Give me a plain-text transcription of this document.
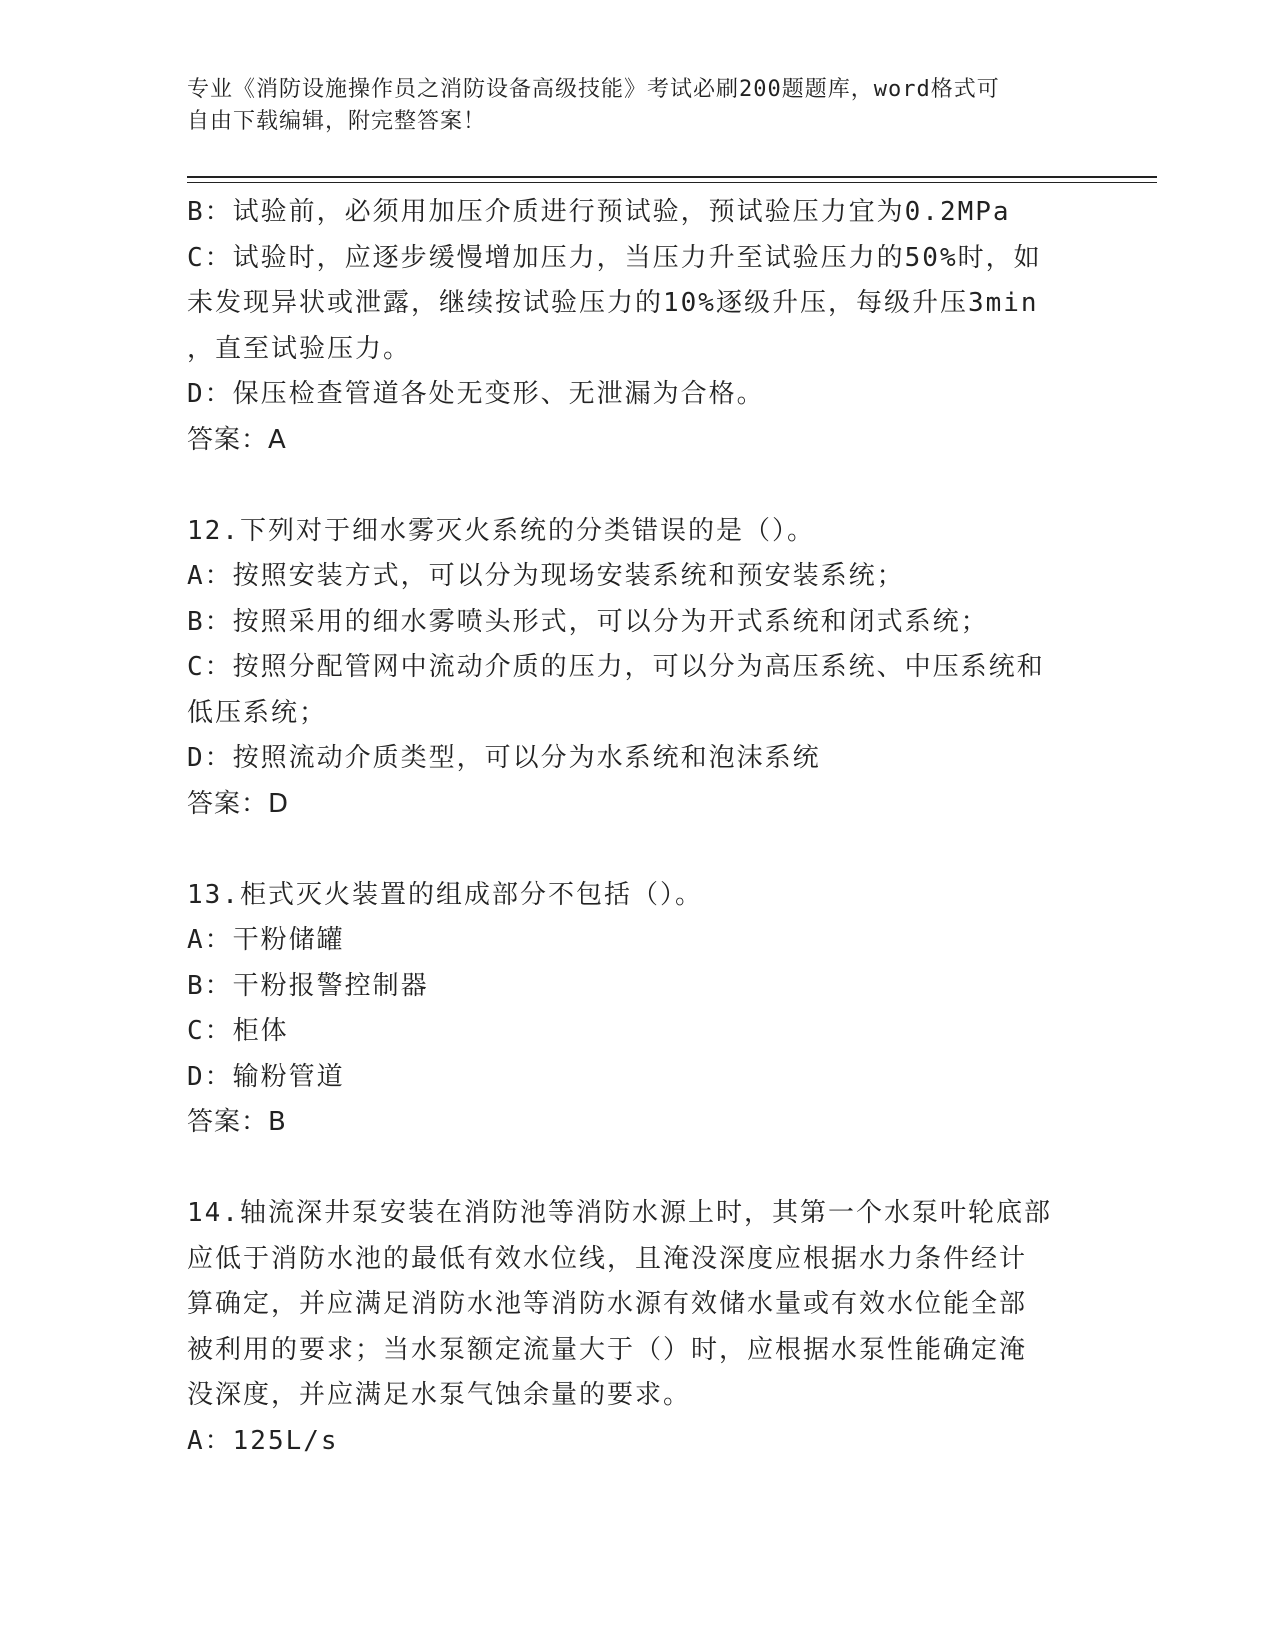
专业《消防设施操作员之消防设备高级技能》考试必刷200题题库，word格式可
自由下载编辑，附完整答案！
B：试验前，必须用加压介质进行预试验，预试验压力宜为0.2MPa
C：试验时，应逐步缓慢增加压力，当压力升至试验压力的50%时，如
未发现异状或泄露，继续按试验压力的10%逐级升压，每级升压3min
，直至试验压力。
D：保压检查管道各处无变形、无泄漏为合格。
答案：A
12.下列对于细水雾灭火系统的分类错误的是（）。
A：按照安装方式，可以分为现场安装系统和预安装系统；
B：按照采用的细水雾喷头形式，可以分为开式系统和闭式系统；
C：按照分配管网中流动介质的压力，可以分为高压系统、中压系统和
低压系统；
D：按照流动介质类型，可以分为水系统和泡沫系统
答案：D
13.柜式灭火装置的组成部分不包括（）。
A：干粉储罐
B：干粉报警控制器
C：柜体
D：输粉管道
答案：B
14.轴流深井泵安装在消防池等消防水源上时，其第一个水泵叶轮底部
应低于消防水池的最低有效水位线，且淹没深度应根据水力条件经计
算确定，并应满足消防水池等消防水源有效储水量或有效水位能全部
被利用的要求；当水泵额定流量大于（）时，应根据水泵性能确定淹
没深度，并应满足水泵气蚀余量的要求。
A：125L/s
